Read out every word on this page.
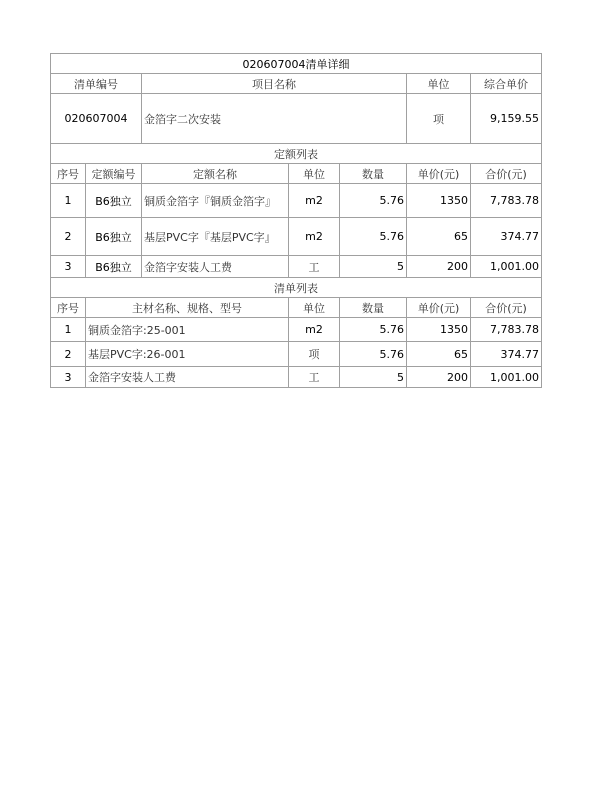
020607004清单详细						
清单编号		项目名称			单位	综合单价
020607004		金箔字二次安装			项	9,159.55
定额列表						
序号	定额编号	定额名称	单位	数量	单价(元)	合价(元)
1	B6独立	铜质金箔字『铜质金箔字』	m2	5.76	1350	7,783.78
2	B6独立	基层PVC字『基层PVC字』	m2	5.76	65	374.77
3	B6独立	金箔字安装人工费	工	5	200	1,001.00
清单列表						
序号	主材名称、规格、型号		单位	数量	单价(元)	合价(元)
1	铜质金箔字:25-001		m2	5.76	1350	7,783.78
2	基层PVC字:26-001		项	5.76	65	374.77
3	金箔字安装人工费		工	5	200	1,001.00
